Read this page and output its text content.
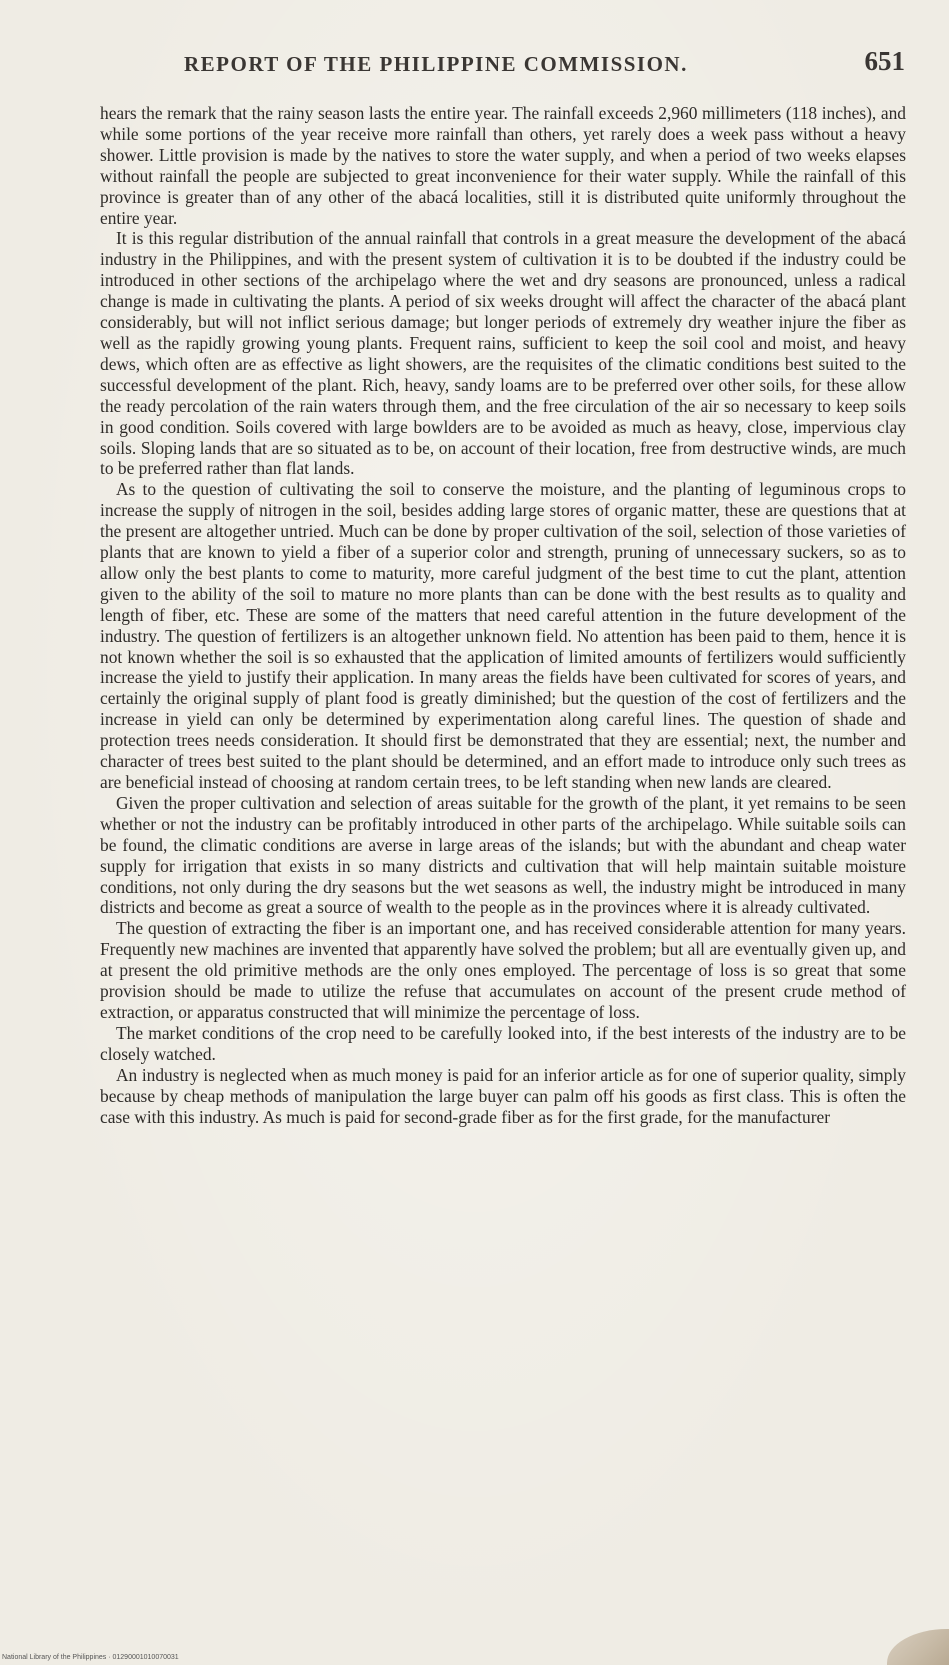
REPORT OF THE PHILIPPINE COMMISSION.	651

hears the remark that the rainy season lasts the entire year. The rainfall exceeds 2,960 millimeters (118 inches), and while some portions of the year receive more rainfall than others, yet rarely does a week pass without a heavy shower. Little provision is made by the natives to store the water supply, and when a period of two weeks elapses without rainfall the people are subjected to great inconvenience for their water supply. While the rainfall of this province is greater than of any other of the abacá localities, still it is distributed quite uniformly throughout the entire year.

It is this regular distribution of the annual rainfall that controls in a great measure the development of the abacá industry in the Philippines, and with the present system of cultivation it is to be doubted if the industry could be introduced in other sections of the archipelago where the wet and dry seasons are pronounced, unless a radical change is made in cultivating the plants. A period of six weeks drought will affect the character of the abacá plant considerably, but will not inflict serious damage; but longer periods of extremely dry weather injure the fiber as well as the rapidly growing young plants. Frequent rains, sufficient to keep the soil cool and moist, and heavy dews, which often are as effective as light showers, are the requisites of the climatic conditions best suited to the successful development of the plant. Rich, heavy, sandy loams are to be preferred over other soils, for these allow the ready percolation of the rain waters through them, and the free circulation of the air so necessary to keep soils in good condition. Soils covered with large bowlders are to be avoided as much as heavy, close, impervious clay soils. Sloping lands that are so situated as to be, on account of their location, free from destructive winds, are much to be preferred rather than flat lands.

As to the question of cultivating the soil to conserve the moisture, and the planting of leguminous crops to increase the supply of nitrogen in the soil, besides adding large stores of organic matter, these are questions that at the present are altogether untried. Much can be done by proper cultivation of the soil, selection of those varieties of plants that are known to yield a fiber of a superior color and strength, pruning of unnecessary suckers, so as to allow only the best plants to come to maturity, more careful judgment of the best time to cut the plant, attention given to the ability of the soil to mature no more plants than can be done with the best results as to quality and length of fiber, etc. These are some of the matters that need careful attention in the future development of the industry. The question of fertilizers is an altogether unknown field. No attention has been paid to them, hence it is not known whether the soil is so exhausted that the application of limited amounts of fertilizers would sufficiently increase the yield to justify their application. In many areas the fields have been cultivated for scores of years, and certainly the original supply of plant food is greatly diminished; but the question of the cost of fertilizers and the increase in yield can only be determined by experimentation along careful lines. The question of shade and protection trees needs consideration. It should first be demonstrated that they are essential; next, the number and character of trees best suited to the plant should be determined, and an effort made to introduce only such trees as are beneficial instead of choosing at random certain trees, to be left standing when new lands are cleared.

Given the proper cultivation and selection of areas suitable for the growth of the plant, it yet remains to be seen whether or not the industry can be profitably introduced in other parts of the archipelago. While suitable soils can be found, the climatic conditions are averse in large areas of the islands; but with the abundant and cheap water supply for irrigation that exists in so many districts and cultivation that will help maintain suitable moisture conditions, not only during the dry seasons but the wet seasons as well, the industry might be introduced in many districts and become as great a source of wealth to the people as in the provinces where it is already cultivated.

The question of extracting the fiber is an important one, and has received considerable attention for many years. Frequently new machines are invented that apparently have solved the problem; but all are eventually given up, and at present the old primitive methods are the only ones employed. The percentage of loss is so great that some provision should be made to utilize the refuse that accumulates on account of the present crude method of extraction, or apparatus constructed that will minimize the percentage of loss.

The market conditions of the crop need to be carefully looked into, if the best interests of the industry are to be closely watched.

An industry is neglected when as much money is paid for an inferior article as for one of superior quality, simply because by cheap methods of manipulation the large buyer can palm off his goods as first class. This is often the case with this industry. As much is paid for second-grade fiber as for the first grade, for the manufacturer

National Library of the Philippines · 01290001010070031
